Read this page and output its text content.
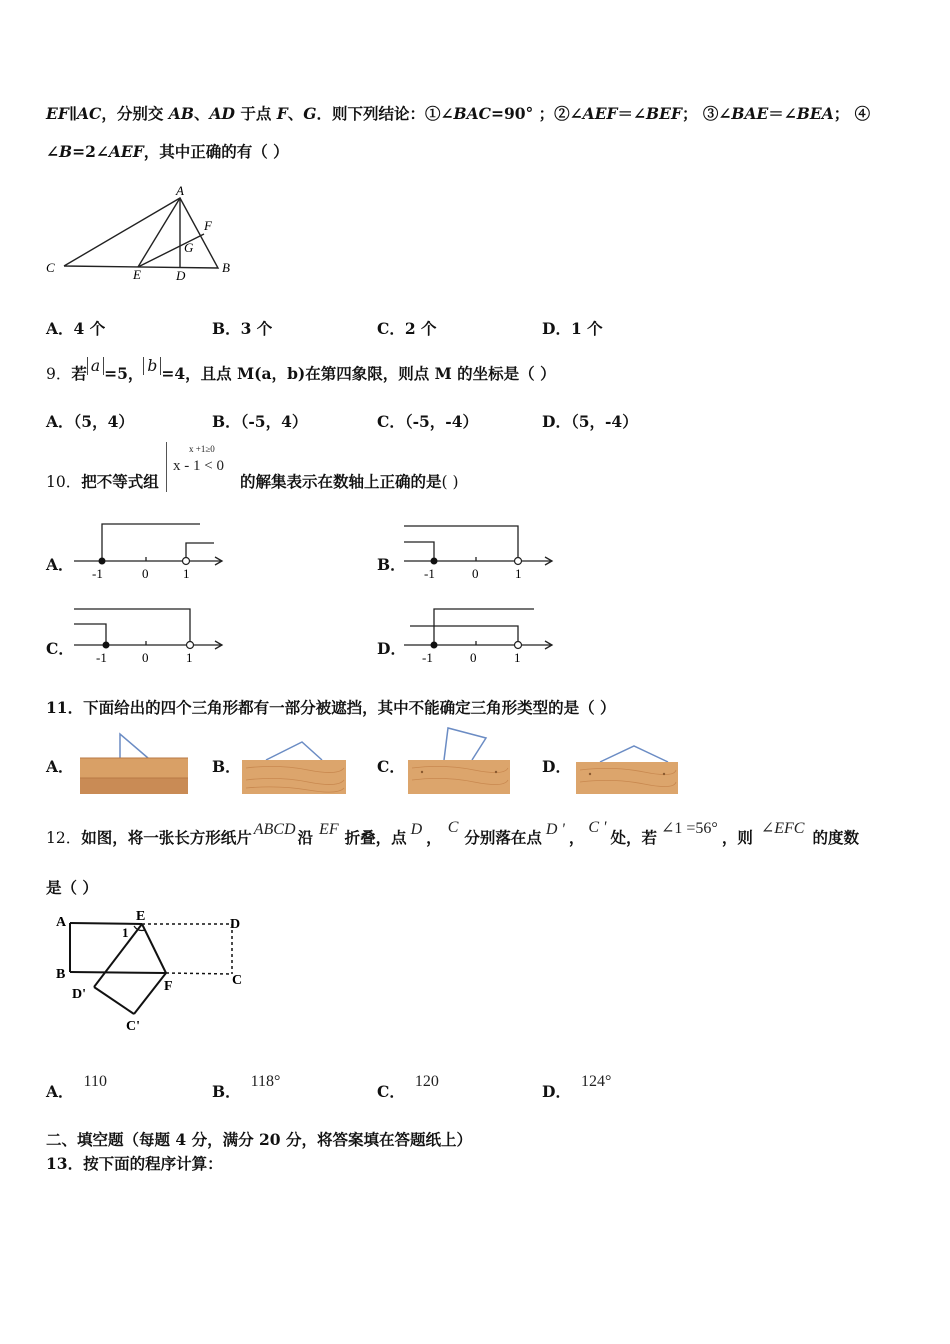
EF∥AC，分别交 AB、AD 于点 F、G．则下列结论：①∠BAC=90° ；②∠AEF＝∠BEF； ③∠BAE＝∠BEA； ④
∠B=2∠AEF，其中正确的有（ ）
A
F
G
C	E	D
B
A．4 个	B．3 个	C．2 个	D．1 个
9．若 a =5， b =4，且点 M(a，b)在第四象限，则点 M 的坐标是（ ）
A．（5，4）	B．（-5，4）	C．（-5，-4）	D．（5，-4）
10．把不等式组
x +1≥0
x - 1 < 0
的解集表示在数轴上正确的是( )
A． -1	0	1	B． -1	0	1
C． -1	0	1	D． -1	0	1
11．下面给出的四个三角形都有一部分被遮挡，其中不能确定三角形类型的是（ ）
A．	B．	C．	D．
12．如图，将一张长方形纸片 ABCD 沿 EF 折叠，点 D ，C分别落在点 D ' ，C '处，若 ∠1 =56° ，则 ∠EFC 的度数
是（ ）
A	E
D
1
B	C
D'
F
C'
A．110
B．118°
C．120
D．124°
二、填空题（每题 4 分，满分 20 分，将答案填在答题纸上）
13．按下面的程序计算：
